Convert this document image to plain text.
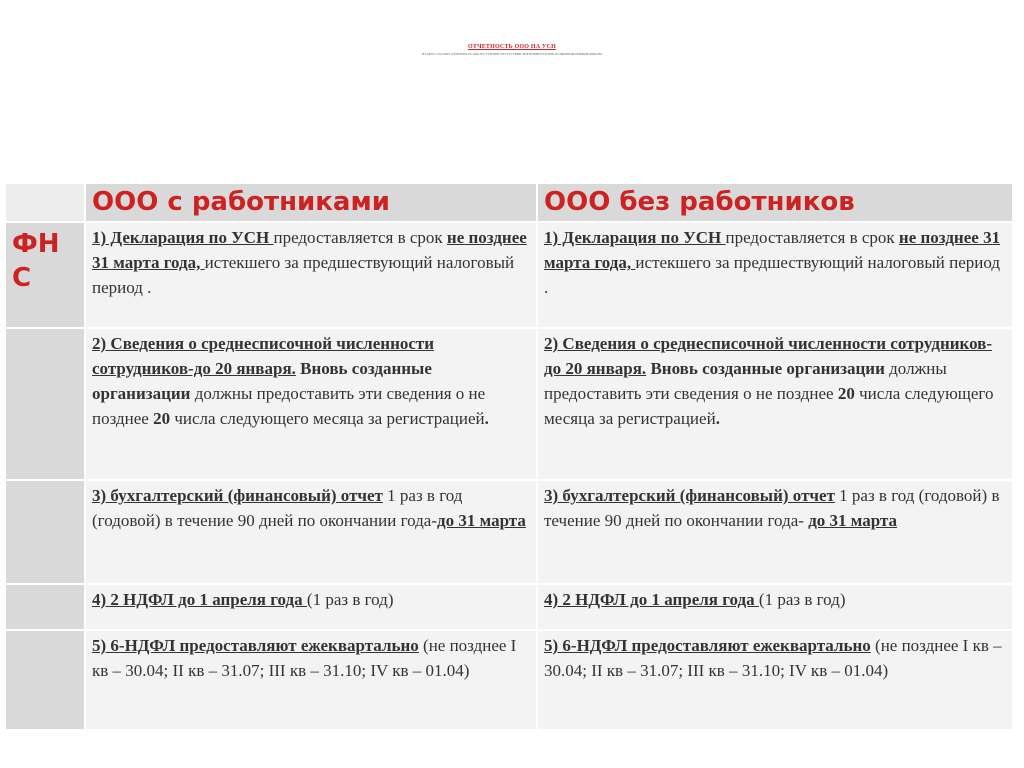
ОТЧЕТНОСТЬ ООО НА УСН
ИЗ ЧЕГО СОСТОИТ ОТЧЕТНОСТЬ ООО НА УСН ПРИ ОТСУТСТВИИ ДЕЯТЕЛЬНОСТИ ИЛИ В ОБЫЧНОМ РЕЖИМЕ РАБОТЫ
	ООО с работниками	ООО без работников
ФН С	1) Декларация по УСН предоставляется в срок не позднее 31 марта года, истекшего за предшествующий налоговый период .	1) Декларация по УСН предоставляется в срок не позднее 31 марта года, истекшего за предшествующий налоговый период .
	2) Сведения о среднесписочной численности сотрудников-до 20 января. Вновь созданные организации должны предоставить эти сведения о не позднее 20 числа следующего месяца за регистрацией.	2) Сведения о среднесписочной численности сотрудников-до 20 января. Вновь созданные организации должны предоставить эти сведения о не позднее 20 числа следующего месяца за регистрацией.
	3) бухгалтерский (финансовый) отчет 1 раз в год (годовой) в течение 90 дней по окончании года-до 31 марта	3) бухгалтерский (финансовый) отчет 1 раз в год (годовой) в течение 90 дней по окончании года- до 31 марта
	4) 2 НДФЛ до 1 апреля года (1 раз в год)	4) 2 НДФЛ до 1 апреля года (1 раз в год)
	5) 6-НДФЛ предоставляют ежеквартально (не позднее I кв – 30.04; II кв – 31.07; III кв – 31.10; IV кв – 01.04)	5) 6-НДФЛ предоставляют ежеквартально (не позднее I кв – 30.04; II кв – 31.07; III кв – 31.10; IV кв – 01.04)
